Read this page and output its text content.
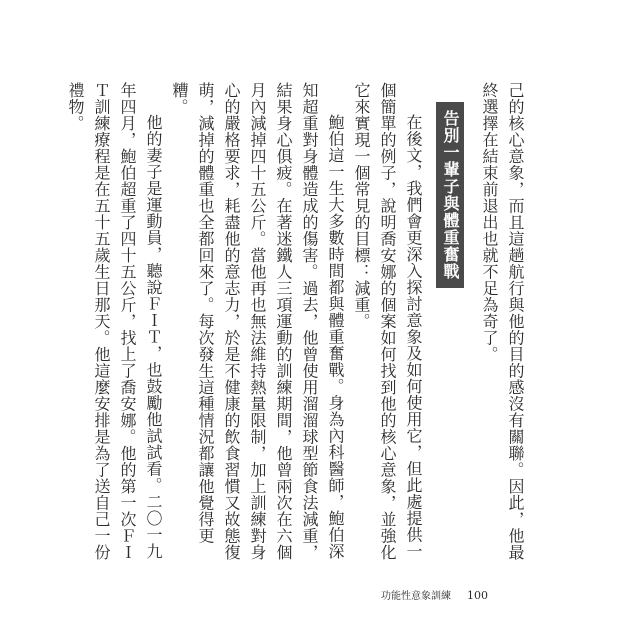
己的核心意象，而且這趟航行與他的目的感沒有關聯。因此，他最終選擇在結束前退出也就不足為奇了。

告別一輩子與體重奮戰

在後文，我們會更深入探討意象及如何使用它，但此處提供一個簡單的例子，說明喬安娜的個案如何找到他的核心意象，並強化它來實現一個常見的目標：減重。

鮑伯這一生大多數時間都與體重奮戰。身為內科醫師，鮑伯深知超重對身體造成的傷害。過去，他曾使用溜溜球型節食法減重，結果身心俱疲。在著迷鐵人三項運動的訓練期間，他曾兩次在六個月內減掉四十五公斤。當他再也無法維持熱量限制，加上訓練對身心的嚴格要求，耗盡他的意志力，於是不健康的飲食習慣又故態復萌，減掉的體重也全都回來了。每次發生這種情況都讓他覺得更糟。

他的妻子是運動員，聽說ＦＩＴ，也鼓勵他試試看。二〇一九年四月，鮑伯超重了四十五公斤，找上了喬安娜。他的第一次ＦＩＴ訓練療程是在五十五歲生日那天。他這麼安排是為了送自己一份禮物。

功能性意象訓練 100
